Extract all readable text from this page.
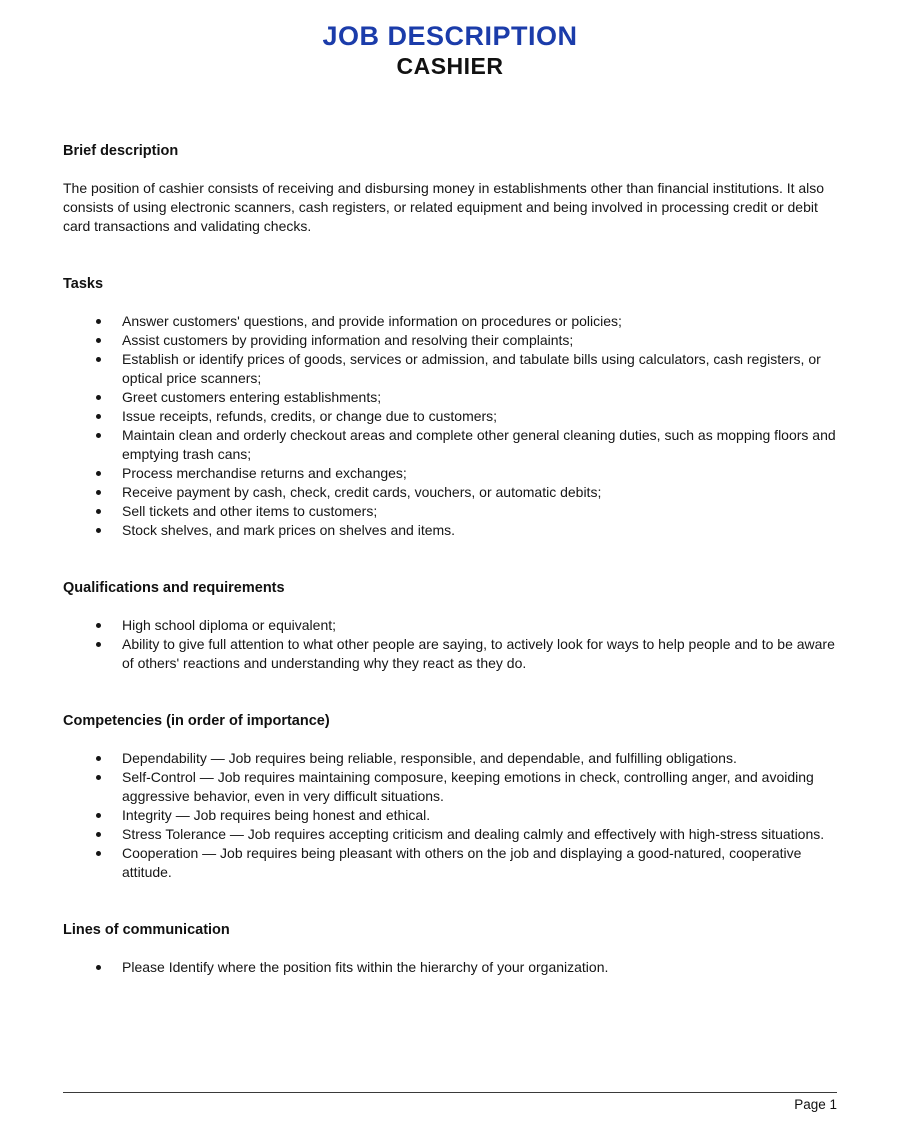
JOB DESCRIPTION
CASHIER
Brief description

The position of cashier consists of receiving and disbursing money in establishments other than financial institutions. It also consists of using electronic scanners, cash registers, or related equipment and being involved in processing credit or debit card transactions and validating checks.

Tasks
Answer customers' questions, and provide information on procedures or policies;
Assist customers by providing information and resolving their complaints;
Establish or identify prices of goods, services or admission, and tabulate bills using calculators, cash registers, or optical price scanners;
Greet customers entering establishments;
Issue receipts, refunds, credits, or change due to customers;
Maintain clean and orderly checkout areas and complete other general cleaning duties, such as mopping floors and emptying trash cans;
Process merchandise returns and exchanges;
Receive payment by cash, check, credit cards, vouchers, or automatic debits;
Sell tickets and other items to customers;
Stock shelves, and mark prices on shelves and items.
Qualifications and requirements
High school diploma or equivalent;
Ability to give full attention to what other people are saying, to actively look for ways to help people and to be aware of others' reactions and understanding why they react as they do.
Competencies (in order of importance)
Dependability — Job requires being reliable, responsible, and dependable, and fulfilling obligations.
Self-Control — Job requires maintaining composure, keeping emotions in check, controlling anger, and avoiding aggressive behavior, even in very difficult situations.
Integrity — Job requires being honest and ethical.
Stress Tolerance — Job requires accepting criticism and dealing calmly and effectively with high-stress situations.
Cooperation — Job requires being pleasant with others on the job and displaying a good-natured, cooperative attitude.
Lines of communication
Please Identify where the position fits within the hierarchy of your organization.
Page 1
